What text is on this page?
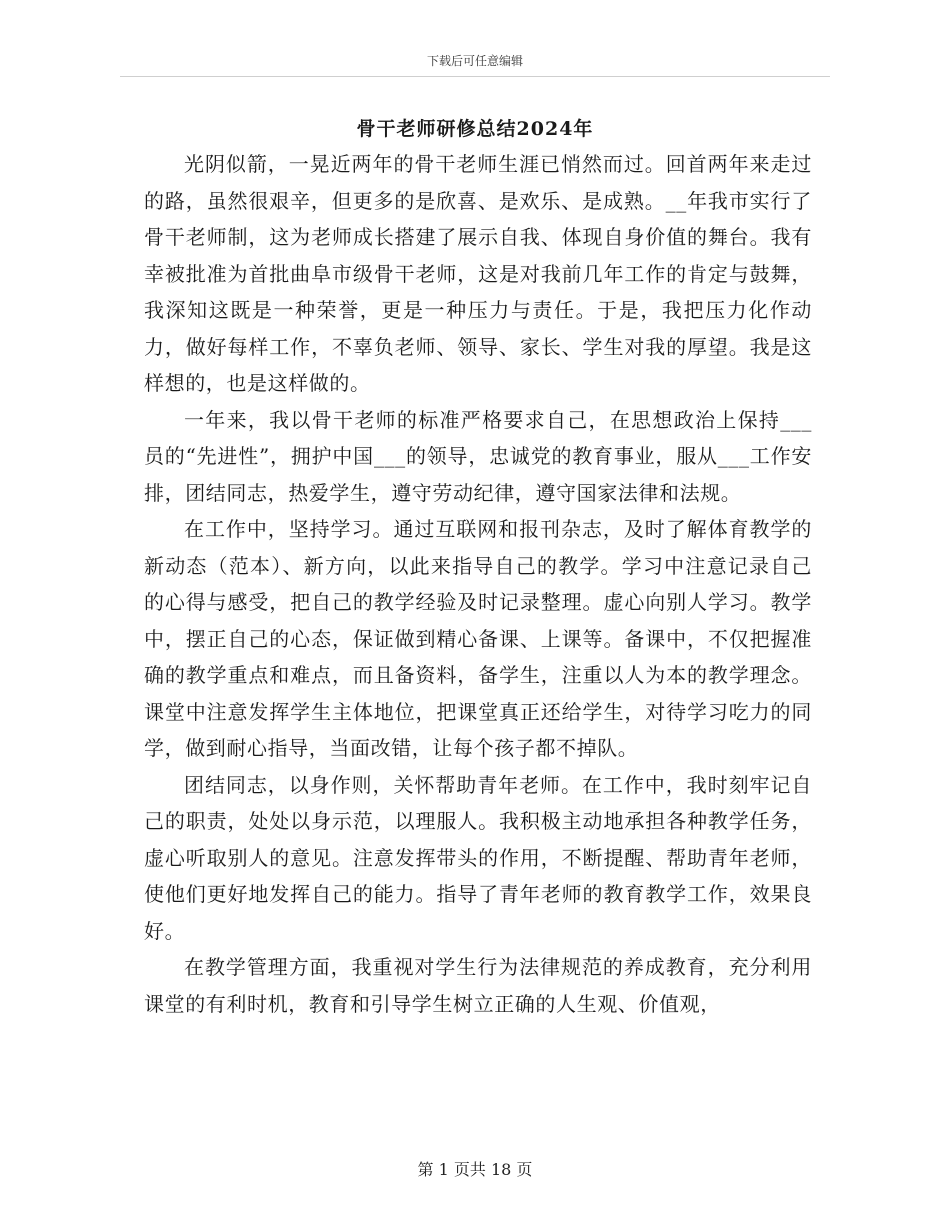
下载后可任意编辑
骨干老师研修总结2024年

光阴似箭，一晃近两年的骨干老师生涯已悄然而过。回首两年来走过的路，虽然很艰辛，但更多的是欣喜、是欢乐、是成熟。__年我市实行了骨干老师制，这为老师成长搭建了展示自我、体现自身价值的舞台。我有幸被批准为首批曲阜市级骨干老师，这是对我前几年工作的肯定与鼓舞，我深知这既是一种荣誉，更是一种压力与责任。于是，我把压力化作动力，做好每样工作，不辜负老师、领导、家长、学生对我的厚望。我是这样想的，也是这样做的。

一年来，我以骨干老师的标准严格要求自己，在思想政治上保持___员的“先进性”，拥护中国___的领导，忠诚党的教育事业，服从___工作安排，团结同志，热爱学生，遵守劳动纪律，遵守国家法律和法规。

在工作中，坚持学习。通过互联网和报刊杂志，及时了解体育教学的新动态（范本）、新方向，以此来指导自己的教学。学习中注意记录自己的心得与感受，把自己的教学经验及时记录整理。虚心向别人学习。教学中，摆正自己的心态，保证做到精心备课、上课等。备课中，不仅把握准确的教学重点和难点，而且备资料，备学生，注重以人为本的教学理念。课堂中注意发挥学生主体地位，把课堂真正还给学生，对待学习吃力的同学，做到耐心指导，当面改错，让每个孩子都不掉队。

团结同志，以身作则，关怀帮助青年老师。在工作中，我时刻牢记自己的职责，处处以身示范，以理服人。我积极主动地承担各种教学任务，虚心听取别人的意见。注意发挥带头的作用，不断提醒、帮助青年老师，使他们更好地发挥自己的能力。指导了青年老师的教育教学工作，效果良好。

在教学管理方面，我重视对学生行为法律规范的养成教育，充分利用课堂的有利时机，教育和引导学生树立正确的人生观、价值观，

第 1 页共 18 页
